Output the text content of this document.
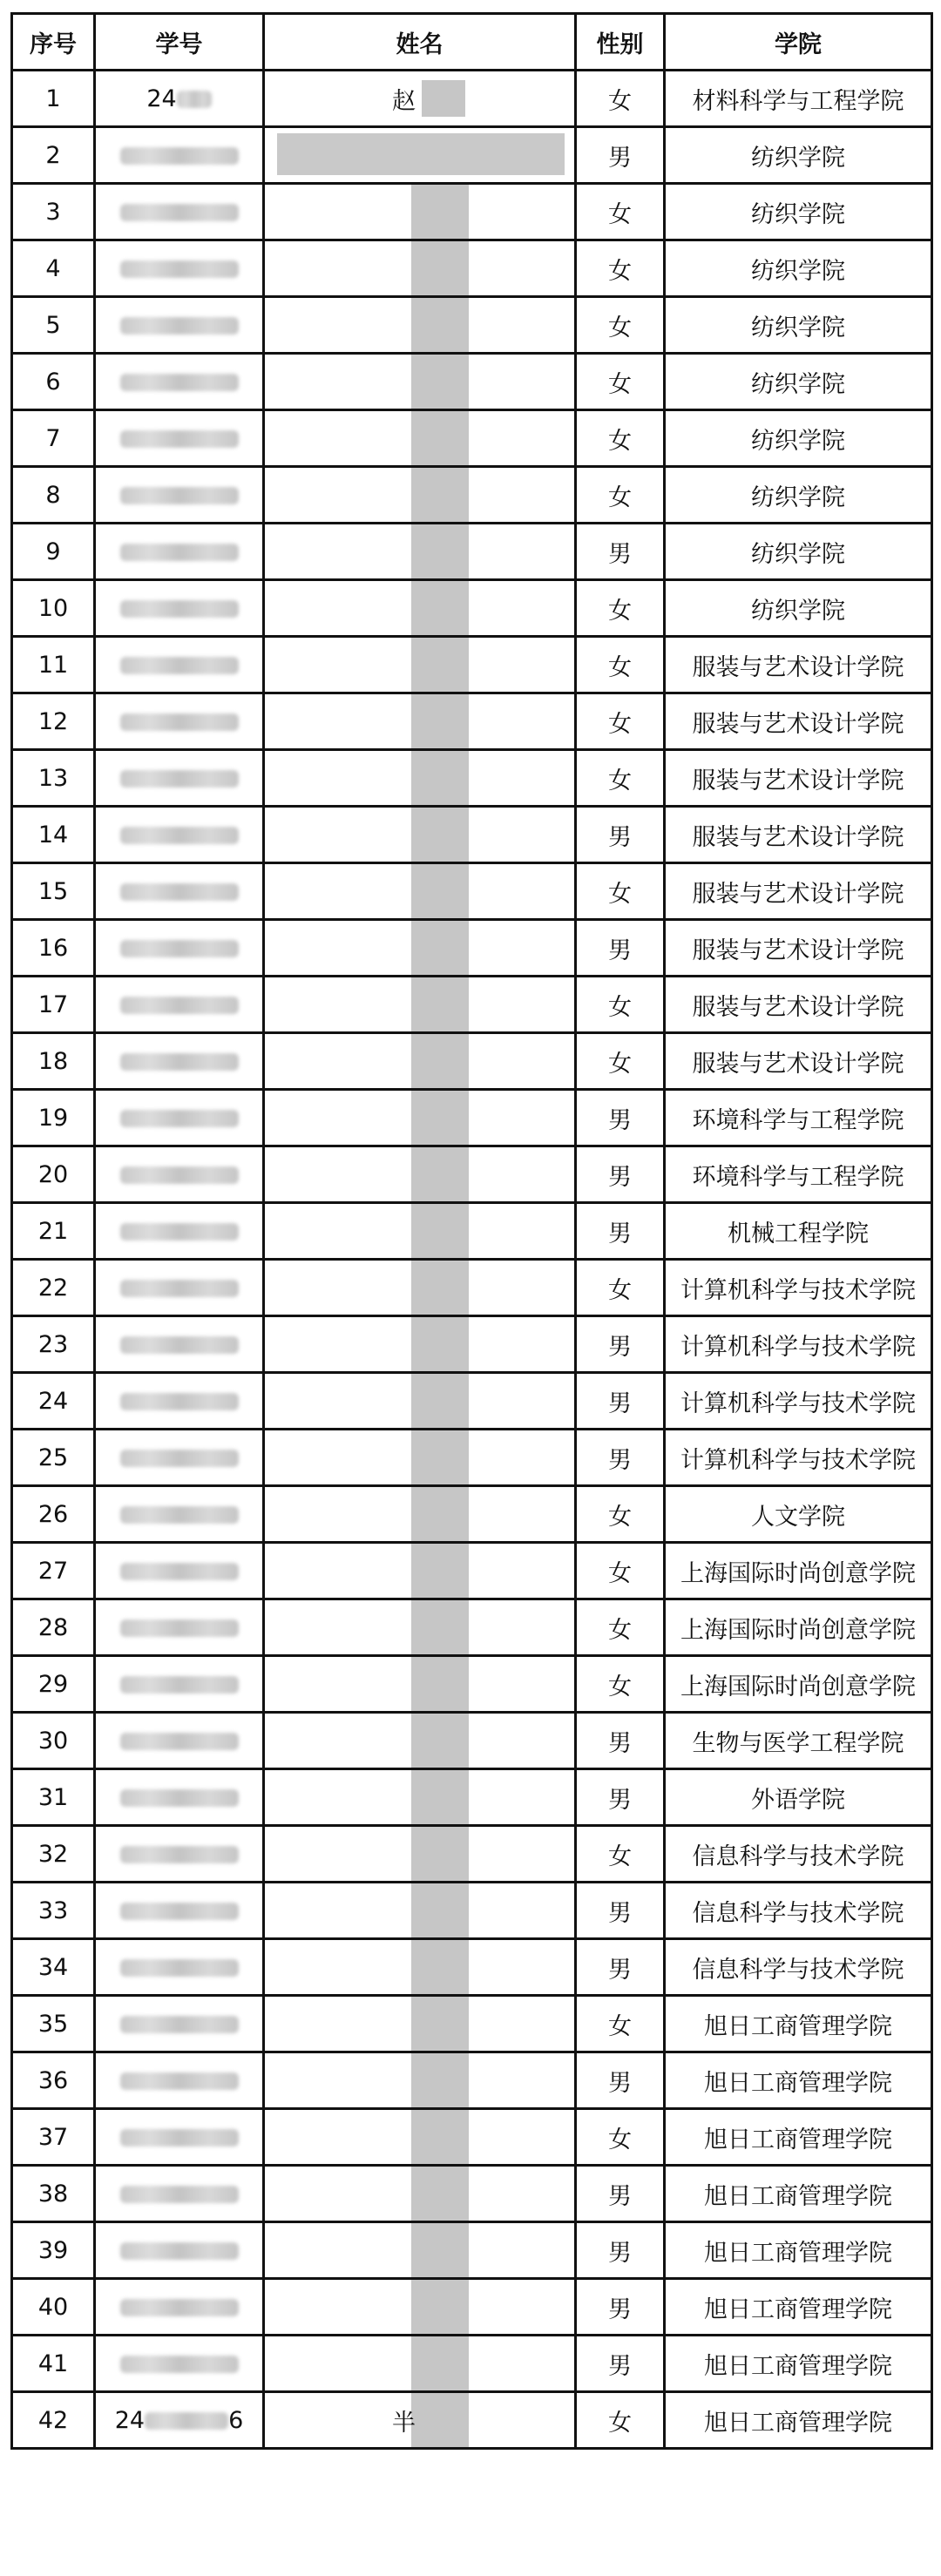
序号	学号	姓名	性别	学院
1	24	赵	女	材料科学与工程学院
2			男	纺织学院
3			女	纺织学院
4			女	纺织学院
5			女	纺织学院
6			女	纺织学院
7			女	纺织学院
8			女	纺织学院
9			男	纺织学院
10			女	纺织学院
11			女	服装与艺术设计学院
12			女	服装与艺术设计学院
13			女	服装与艺术设计学院
14			男	服装与艺术设计学院
15			女	服装与艺术设计学院
16			男	服装与艺术设计学院
17			女	服装与艺术设计学院
18			女	服装与艺术设计学院
19			男	环境科学与工程学院
20			男	环境科学与工程学院
21			男	机械工程学院
22			女	计算机科学与技术学院
23			男	计算机科学与技术学院
24			男	计算机科学与技术学院
25			男	计算机科学与技术学院
26			女	人文学院
27			女	上海国际时尚创意学院
28			女	上海国际时尚创意学院
29			女	上海国际时尚创意学院
30			男	生物与医学工程学院
31			男	外语学院
32			女	信息科学与技术学院
33			男	信息科学与技术学院
34			男	信息科学与技术学院
35			女	旭日工商管理学院
36			男	旭日工商管理学院
37			女	旭日工商管理学院
38			男	旭日工商管理学院
39			男	旭日工商管理学院
40			男	旭日工商管理学院
41			男	旭日工商管理学院
42	24 6	半	女	旭日工商管理学院
